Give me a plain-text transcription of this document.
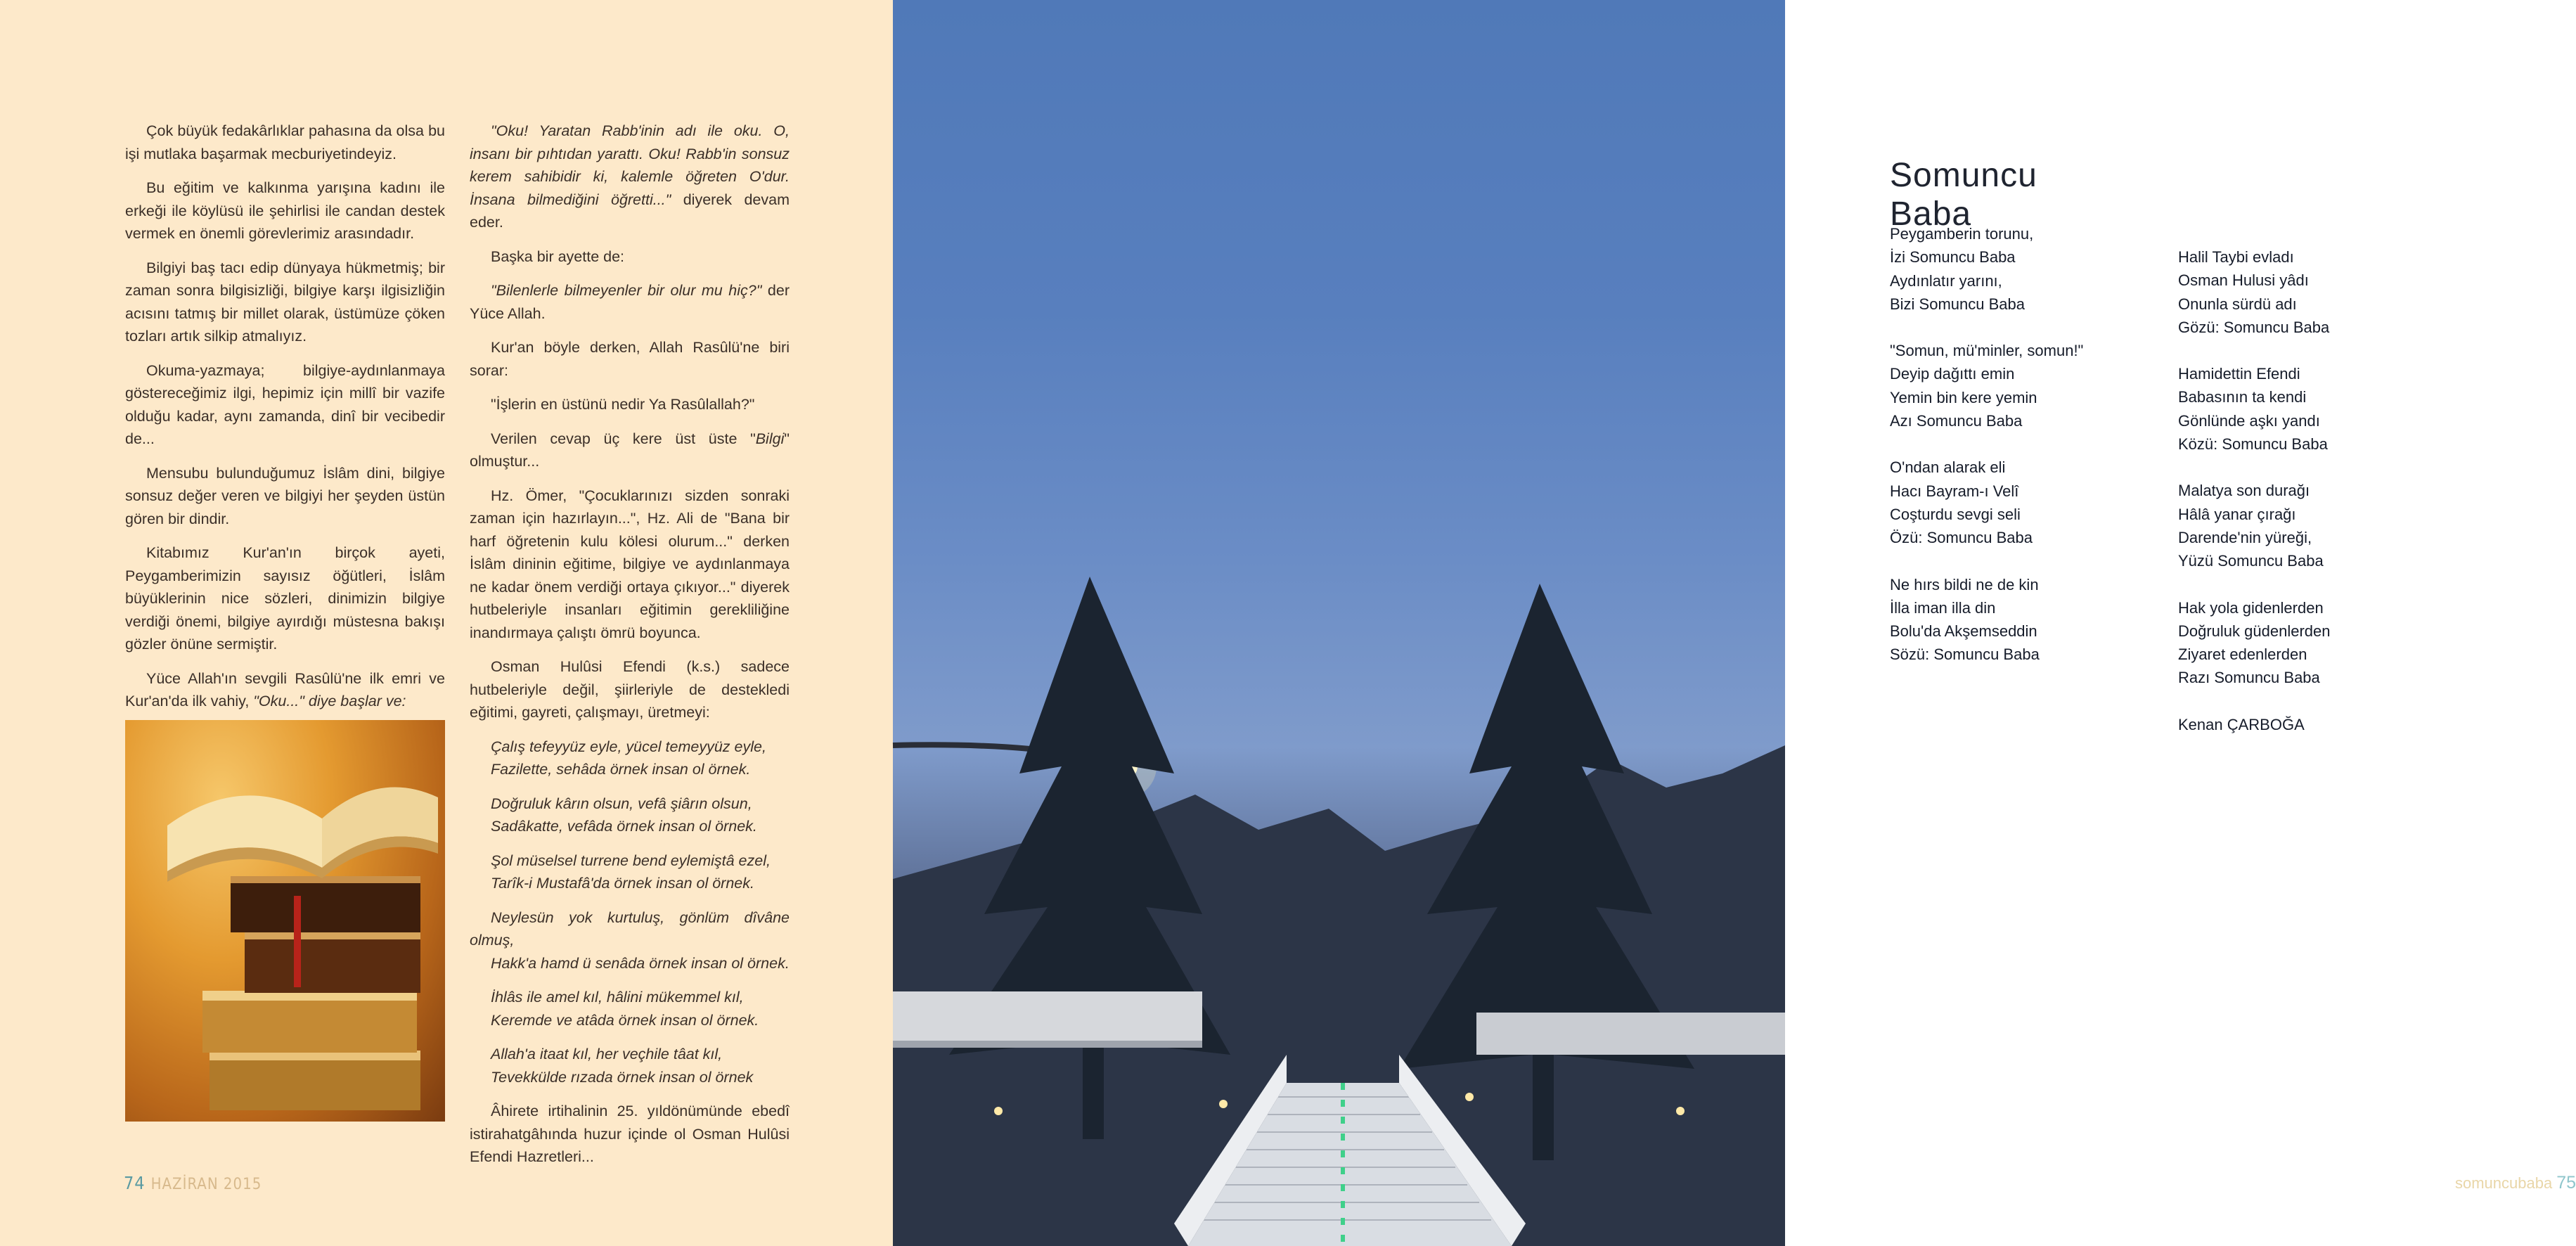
Çok büyük fedakârlıklar pahasına da olsa bu işi mutlaka başarmak mecburiyetindeyiz.

Bu eğitim ve kalkınma yarışına kadını ile erkeği ile köylüsü ile şehirlisi ile candan destek vermek en önemli görevlerimiz arasındadır.

Bilgiyi baş tacı edip dünyaya hükmetmiş; bir zaman sonra bilgisizliği, bilgiye karşı ilgisizliğin acısını tatmış bir millet olarak, üstümüze çöken tozları artık silkip atmalıyız.

Okuma-yazmaya; bilgiye-aydınlanmaya göstereceğimiz ilgi, hepimiz için millî bir vazife olduğu kadar, aynı zamanda, dinî bir vecibedir de...

Mensubu bulunduğumuz İslâm dini, bilgiye sonsuz değer veren ve bilgiyi her şeyden üstün gören bir dindir.

Kitabımız Kur'an'ın birçok ayeti, Peygamberimizin sayısız öğütleri, İslâm büyüklerinin nice sözleri, dinimizin bilgiye verdiği önemi, bilgiye ayırdığı müstesna bakışı gözler önüne sermiştir.

Yüce Allah'ın sevgili Rasûlü'ne ilk emri ve Kur'an'da ilk vahiy, "Oku..." diye başlar ve:

"Oku! Yaratan Rabb'inin adı ile oku. O, insanı bir pıhtıdan yarattı. Oku! Rabb'in sonsuz kerem sahibidir ki, kalemle öğreten O'dur. İnsana bilmediğini öğretti..." diyerek devam eder.

Başka bir ayette de:

"Bilenlerle bilmeyenler bir olur mu hiç?" der Yüce Allah.

Kur'an böyle derken, Allah Rasûlü'ne biri sorar:

"İşlerin en üstünü nedir Ya Rasûlallah?"

Verilen cevap üç kere üst üste "Bilgi" olmuştur...

Hz. Ömer, "Çocuklarınızı sizden sonraki zaman için hazırlayın...", Hz. Ali de "Bana bir harf öğretenin kulu kölesi olurum..." derken İslâm dininin eğitime, bilgiye ve aydınlanmaya ne kadar önem verdiği ortaya çıkıyor..." diyerek hutbeleriyle insanları eğitimin gerekliliğine inandırmaya çalıştı ömrü boyunca.

Osman Hulûsi Efendi (k.s.) sadece hutbeleriyle değil, şiirleriyle de destekledi eğitimi, gayreti, çalışmayı, üretmeyi:

Çalış tefeyyüz eyle, yücel temeyyüz eyle,
Fazilette, sehâda örnek insan ol örnek.

Doğruluk kârın olsun, vefâ şiârın olsun,
Sadâkatte, vefâda örnek insan ol örnek.

Şol müselsel turrene bend eylemiştâ ezel,
Tarîk-i Mustafâ'da örnek insan ol örnek.

Neylesün yok kurtuluş, gönlüm dîvâne olmuş,
Hakk'a hamd ü senâda örnek insan ol örnek.

İhlâs ile amel kıl, hâlini mükemmel kıl,
Keremde ve atâda örnek insan ol örnek.

Allah'a itaat kıl, her veçhile tâat kıl,
Tevekkülde rızada örnek insan ol örnek

Âhirete irtihalinin 25. yıldönümünde ebedî istirahatgâhında huzur içinde ol Osman Hulûsi Efendi Hazretleri...

74 HAZİRAN 2015
Somuncu Baba
Peygamberin torunu,
İzi Somuncu Baba
Aydınlatır yarını,
Bizi Somuncu Baba
"Somun, mü'minler, somun!"
Deyip dağıttı emin
Yemin bin kere yemin
Azı Somuncu Baba
O'ndan alarak eli
Hacı Bayram-ı Velî
Coşturdu sevgi seli
Özü: Somuncu Baba
Ne hırs bildi ne de kin
İlla iman illa din
Bolu'da Akşemseddin
Sözü: Somuncu Baba
Halil Taybi evladı
Osman Hulusi yâdı
Onunla sürdü adı
Gözü: Somuncu Baba
Hamidettin Efendi
Babasının ta kendi
Gönlünde aşkı yandı
Közü: Somuncu Baba
Malatya son durağı
Hâlâ yanar çırağı
Darende'nin yüreği,
Yüzü Somuncu Baba
Hak yola gidenlerden
Doğruluk güdenlerden
Ziyaret edenlerden
Razı Somuncu Baba
Kenan ÇARBOĞA
somuncubaba 75
